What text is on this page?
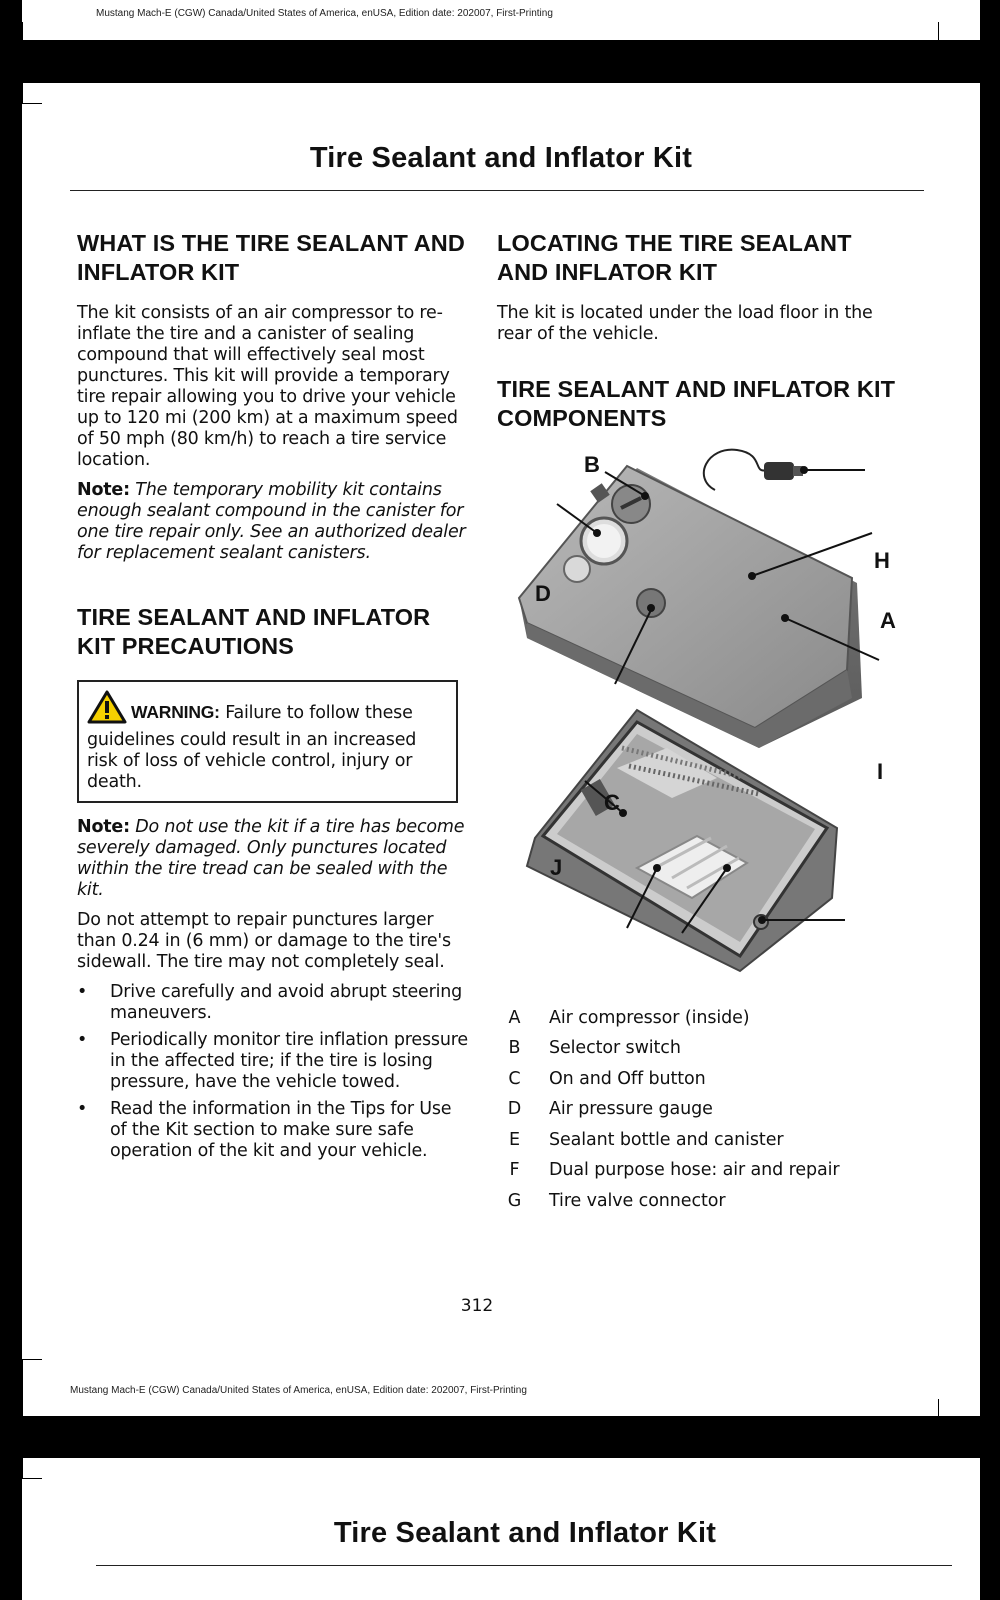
Mustang Mach-E (CGW) Canada/United States of America, enUSA, Edition date: 202007, First-Printing
Tire Sealant and Inflator Kit
WHAT IS THE TIRE SEALANT AND INFLATOR KIT

The kit consists of an air compressor to re-inflate the tire and a canister of sealing compound that will effectively seal most punctures. This kit will provide a temporary tire repair allowing you to drive your vehicle up to 120 mi (200 km) at a maximum speed of 50 mph (80 km/h) to reach a tire service location.

Note: The temporary mobility kit contains enough sealant compound in the canister for one tire repair only. See an authorized dealer for replacement sealant canisters.

TIRE SEALANT AND INFLATOR KIT PRECAUTIONS
WARNING: Failure to follow these guidelines could result in an increased risk of loss of vehicle control, injury or death.

Note: Do not use the kit if a tire has become severely damaged. Only punctures located within the tire tread can be sealed with the kit.

Do not attempt to repair punctures larger than 0.24 in (6 mm) or damage to the tire's sidewall. The tire may not completely seal.

• Drive carefully and avoid abrupt steering maneuvers.
• Periodically monitor tire inflation pressure in the affected tire; if the tire is losing pressure, have the vehicle towed.
• Read the information in the Tips for Use of the Kit section to make sure safe operation of the kit and your vehicle.
LOCATING THE TIRE SEALANT AND INFLATOR KIT

The kit is located under the load floor in the rear of the vehicle.

TIRE SEALANT AND INFLATOR KIT COMPONENTS
A
B
C
D
H
I
J
A	Air compressor (inside)
B	Selector switch
C	On and Off button
D	Air pressure gauge
E	Sealant bottle and canister
F	Dual purpose hose: air and repair
G	Tire valve connector
312
Mustang Mach-E (CGW) Canada/United States of America, enUSA, Edition date: 202007, First-Printing
Tire Sealant and Inflator Kit
